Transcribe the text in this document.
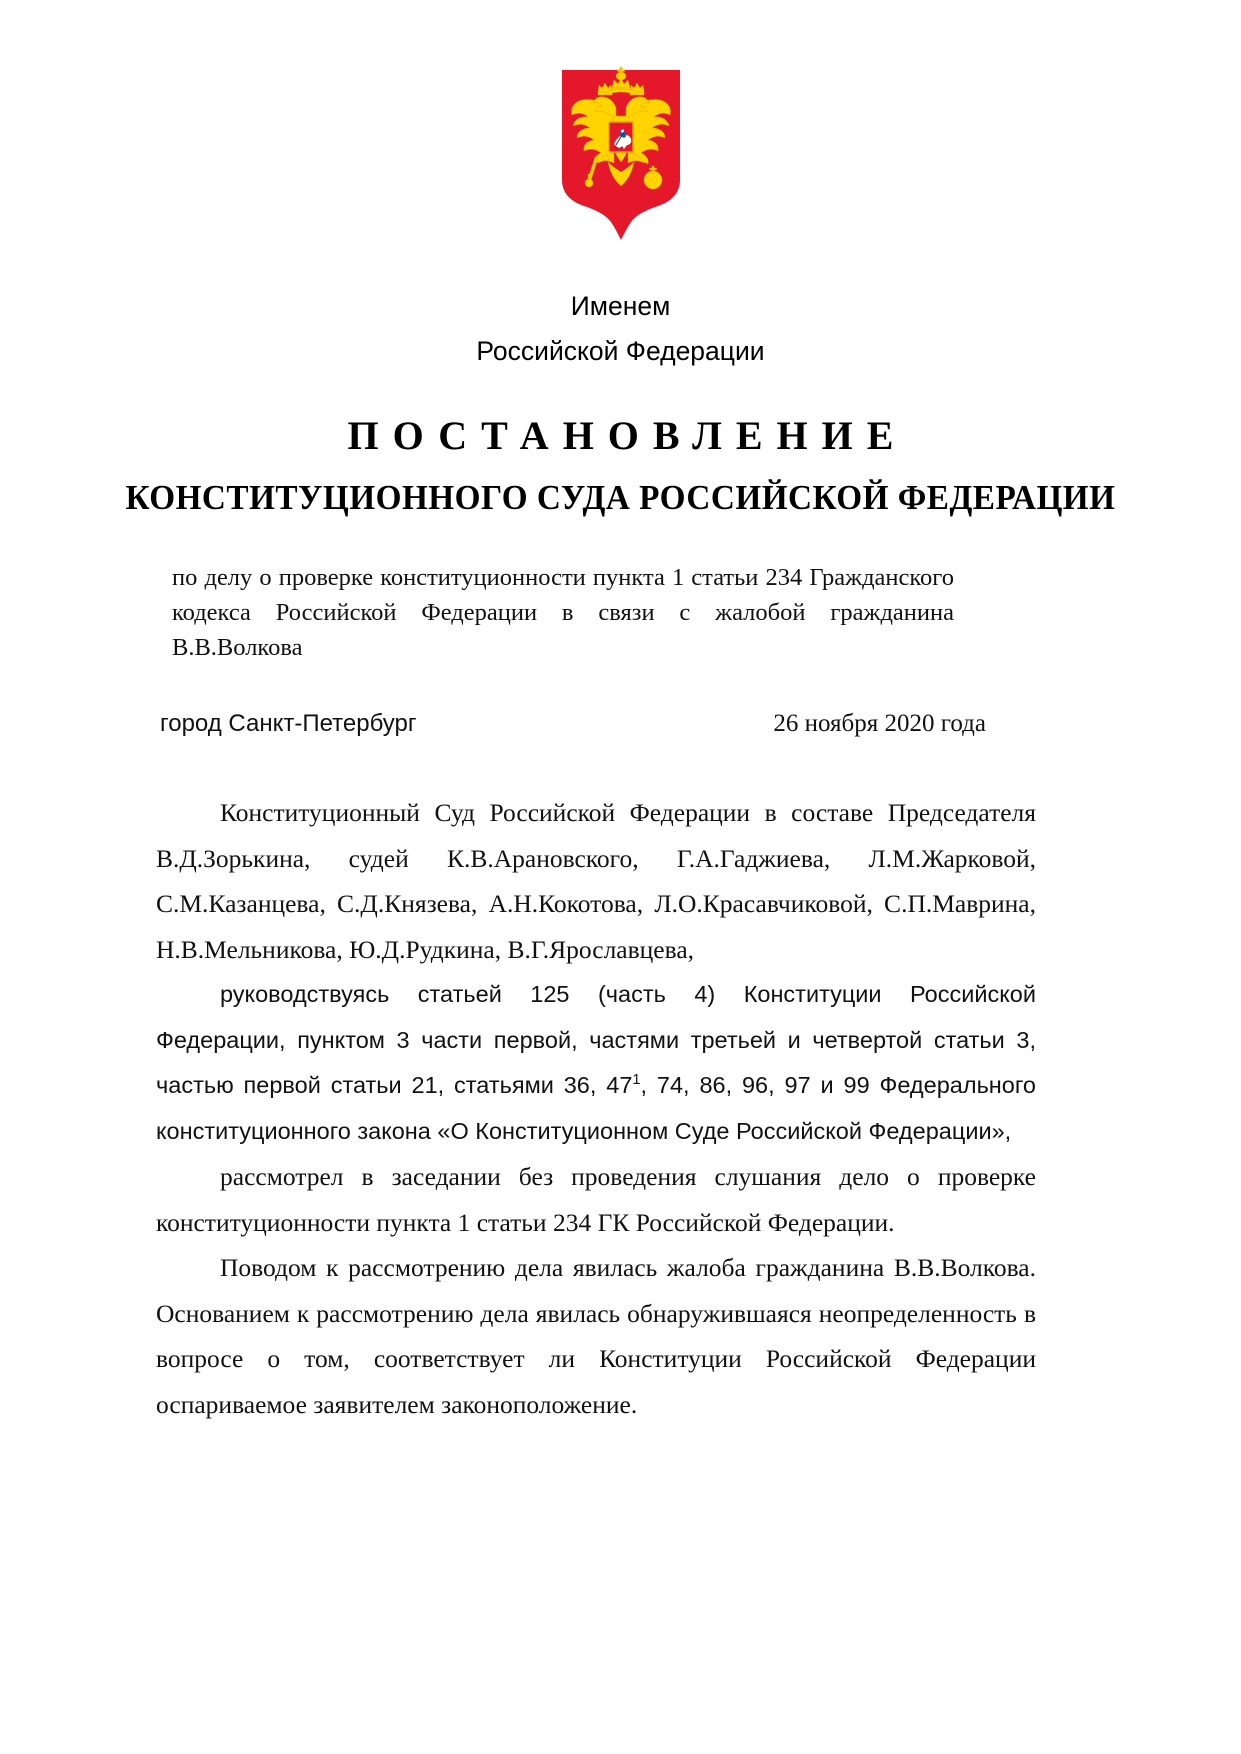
Именем
Российской Федерации
ПОСТАНОВЛЕНИЕ
КОНСТИТУЦИОННОГО СУДА РОССИЙСКОЙ ФЕДЕРАЦИИ
по делу о проверке конституционности пункта 1 статьи 234 Гражданского кодекса Российской Федерации в связи с жалобой гражданина В.В.Волкова
город Санкт-Петербург	26 ноября 2020 года

Конституционный Суд Российской Федерации в составе Председателя В.Д.Зорькина, судей К.В.Арановского, Г.А.Гаджиева, Л.М.Жарковой, С.М.Казанцева, С.Д.Князева, А.Н.Кокотова, Л.О.Красавчиковой, С.П.Маврина, Н.В.Мельникова, Ю.Д.Рудкина, В.Г.Ярославцева,

руководствуясь статьей 125 (часть 4) Конституции Российской Федерации, пунктом 3 части первой, частями третьей и четвертой статьи 3, частью первой статьи 21, статьями 36, 47$^1$, 74, 86, 96, 97 и 99 Федерального конституционного закона «О Конституционном Суде Российской Федерации»,

рассмотрел в заседании без проведения слушания дело о проверке конституционности пункта 1 статьи 234 ГК Российской Федерации.

Поводом к рассмотрению дела явилась жалоба гражданина В.В.Волкова. Основанием к рассмотрению дела явилась обнаружившаяся неопределенность в вопросе о том, соответствует ли Конституции Российской Федерации оспариваемое заявителем законоположение.
